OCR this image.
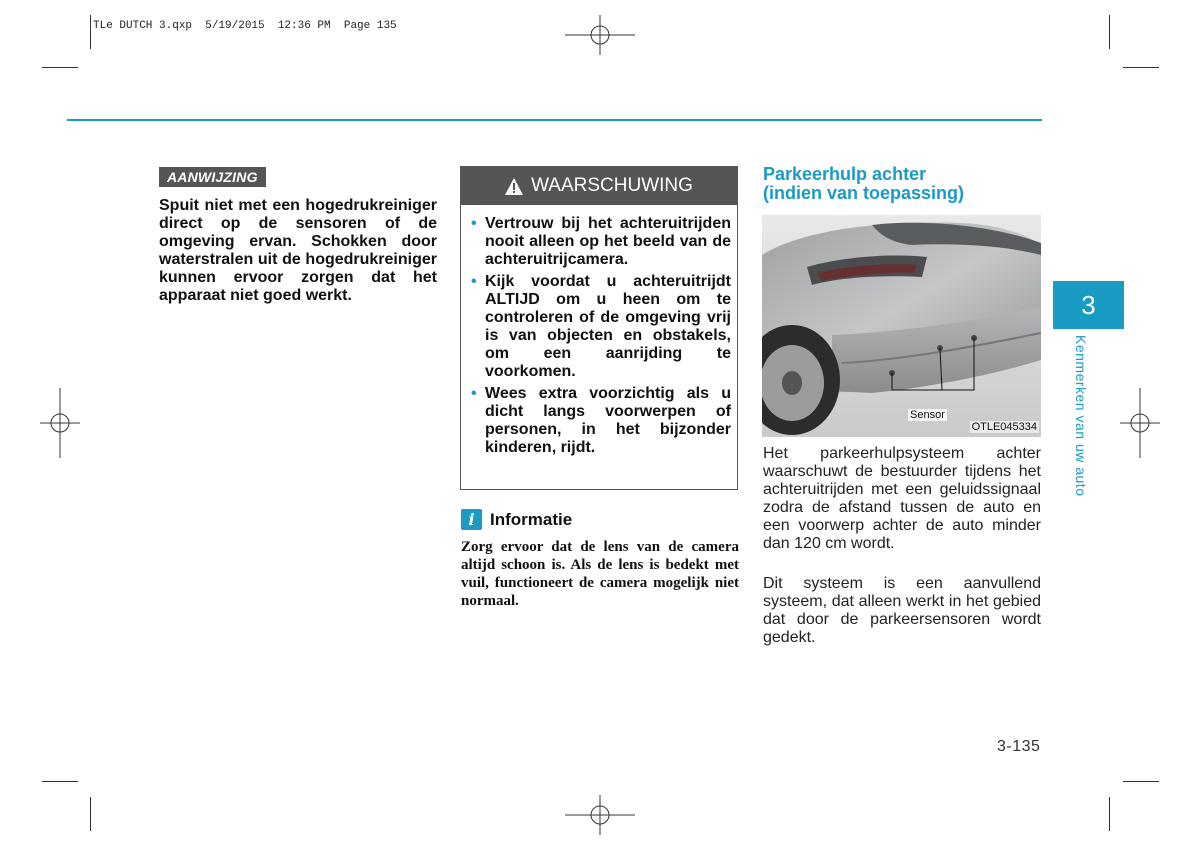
TLe DUTCH 3.qxp  5/19/2015  12:36 PM  Page 135
AANWIJZING
Spuit niet met een hogedrukreiniger direct op de sensoren of de omgeving ervan. Schokken door waterstralen uit de hogedrukreiniger kunnen ervoor zorgen dat het apparaat niet goed werkt.
WAARSCHUWING
• Vertrouw bij het achteruitrijden nooit alleen op het beeld van de achteruitrijcamera.
• Kijk voordat u achteruitrijdt ALTIJD om u heen om te controleren of de omgeving vrij is van objecten en obstakels, om een aanrijding te voorkomen.
• Wees extra voorzichtig als u dicht langs voorwerpen of personen, in het bijzonder kinderen, rijdt.
i Informatie
Zorg ervoor dat de lens van de camera altijd schoon is. Als de lens is bedekt met vuil, functioneert de camera mogelijk niet normaal.
Parkeerhulp achter
(indien van toepassing)
Sensor
OTLE045334
Het parkeerhulpsysteem achter waarschuwt de bestuurder tijdens het achteruitrijden met een geluidssignaal zodra de afstand tussen de auto en een voorwerp achter de auto minder dan 120 cm wordt.
Dit systeem is een aanvullend systeem, dat alleen werkt in het gebied dat door de parkeersensoren wordt gedekt.
3
Kenmerken van uw auto
3-135
